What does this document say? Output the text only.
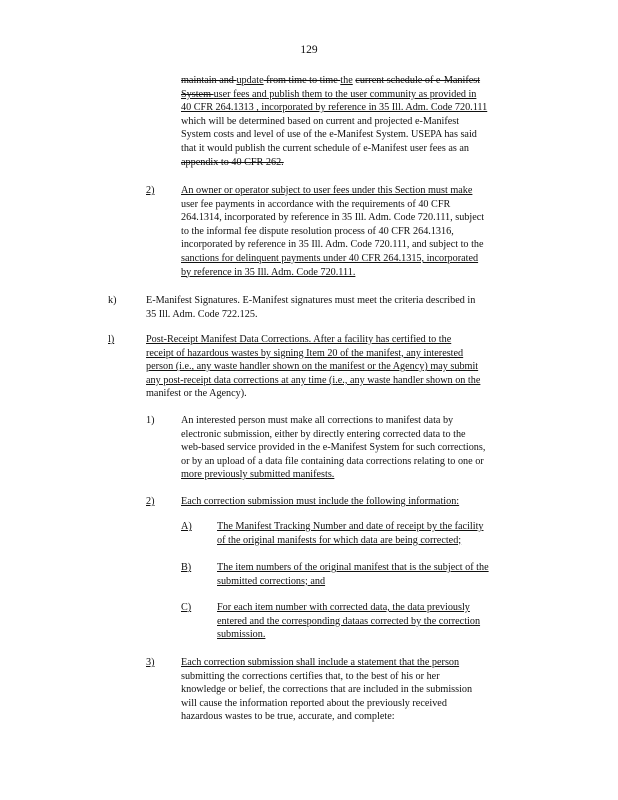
129
maintain and update from time to time the current schedule of e-Manifest
System user fees and publish them to the user community as provided in
40 CFR 264.1313 , incorporated by reference in 35 Ill. Adm. Code 720.111
which will be determined based on current and projected e-Manifest
System costs and level of use of the e-Manifest System. USEPA has said
that it would publish the current schedule of e-Manifest user fees as an
appendix to 40 CFR 262.
2)	An owner or operator subject to user fees under this Section must make
user fee payments in accordance with the requirements of 40 CFR
264.1314, incorporated by reference in 35 Ill. Adm. Code 720.111, subject
to the informal fee dispute resolution process of 40 CFR 264.1316,
incorporated by reference in 35 Ill. Adm. Code 720.111, and subject to the
sanctions for delinquent payments under 40 CFR 264.1315, incorporated
by reference in 35 Ill. Adm. Code 720.111.
k)	E-Manifest Signatures. E-Manifest signatures must meet the criteria described in
35 Ill. Adm. Code 722.125.
l)	Post-Receipt Manifest Data Corrections. After a facility has certified to the
receipt of hazardous wastes by signing Item 20 of the manifest, any interested
person (i.e., any waste handler shown on the manifest or the Agency) may submit
any post-receipt data corrections at any time (i.e., any waste handler shown on the
manifest or the Agency).
1)	An interested person must make all corrections to manifest data by
electronic submission, either by directly entering corrected data to the
web-based service provided in the e-Manifest System for such corrections,
or by an upload of a data file containing data corrections relating to one or
more previously submitted manifests.
2)	Each correction submission must include the following information:
A) The Manifest Tracking Number and date of receipt by the facility
of the original manifests for which data are being corrected;
B)	The item numbers of the original manifest that is the subject of the
submitted corrections; and
C)	For each item number with corrected data, the data previously
entered and the corresponding dataas corrected by the correction
submission.
3)	Each correction submission shall include a statement that the person
submitting the corrections certifies that, to the best of his or her
knowledge or belief, the corrections that are included in the submission
will cause the information reported about the previously received
hazardous wastes to be true, accurate, and complete:
